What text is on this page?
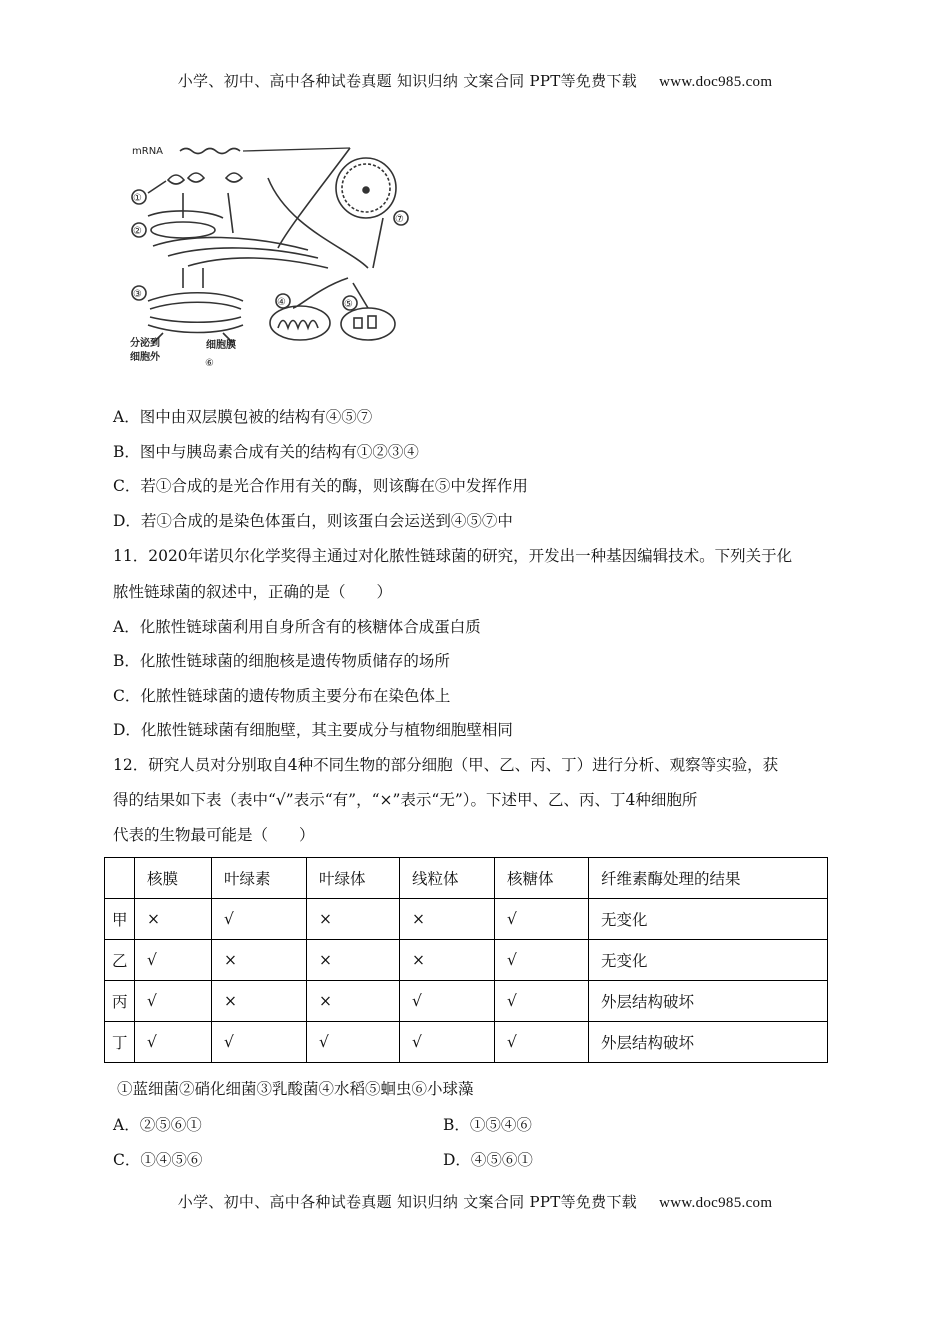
小学、初中、高中各种试卷真题 知识归纳 文案合同 PPT等免费下载 www.doc985.com
mRNA
①
②
③
④	⑤
⑥
⑦
分泌到
细胞外
细胞膜
A．图中由双层膜包被的结构有④⑤⑦
B．图中与胰岛素合成有关的结构有①②③④
C．若①合成的是光合作用有关的酶，则该酶在⑤中发挥作用
D．若①合成的是染色体蛋白，则该蛋白会运送到④⑤⑦中
11．2020年诺贝尔化学奖得主通过对化脓性链球菌的研究，开发出一种基因编辑技术。下列关于化
脓性链球菌的叙述中，正确的是（　　）
A．化脓性链球菌利用自身所含有的核糖体合成蛋白质
B．化脓性链球菌的细胞核是遗传物质储存的场所
C．化脓性链球菌的遗传物质主要分布在染色体上
D．化脓性链球菌有细胞壁，其主要成分与植物细胞壁相同
12．研究人员对分别取自4种不同生物的部分细胞（甲、乙、丙、丁）进行分析、观察等实验，获
得的结果如下表（表中“√”表示“有”，“×”表示“无”）。下述甲、乙、丙、丁4种细胞所
代表的生物最可能是（　　）
	核膜	叶绿素	叶绿体	线粒体	核糖体	纤维素酶处理的结果
甲	×	√	×	×	√	无变化
乙	√	×	×	×	√	无变化
丙	√	×	×	√	√	外层结构破坏
丁	√	√	√	√	√	外层结构破坏
①蓝细菌②硝化细菌③乳酸菌④水稻⑤蛔虫⑥小球藻
A．②⑤⑥①	B．①⑤④⑥
C．①④⑤⑥	D．④⑤⑥①
小学、初中、高中各种试卷真题 知识归纳 文案合同 PPT等免费下载 www.doc985.com
